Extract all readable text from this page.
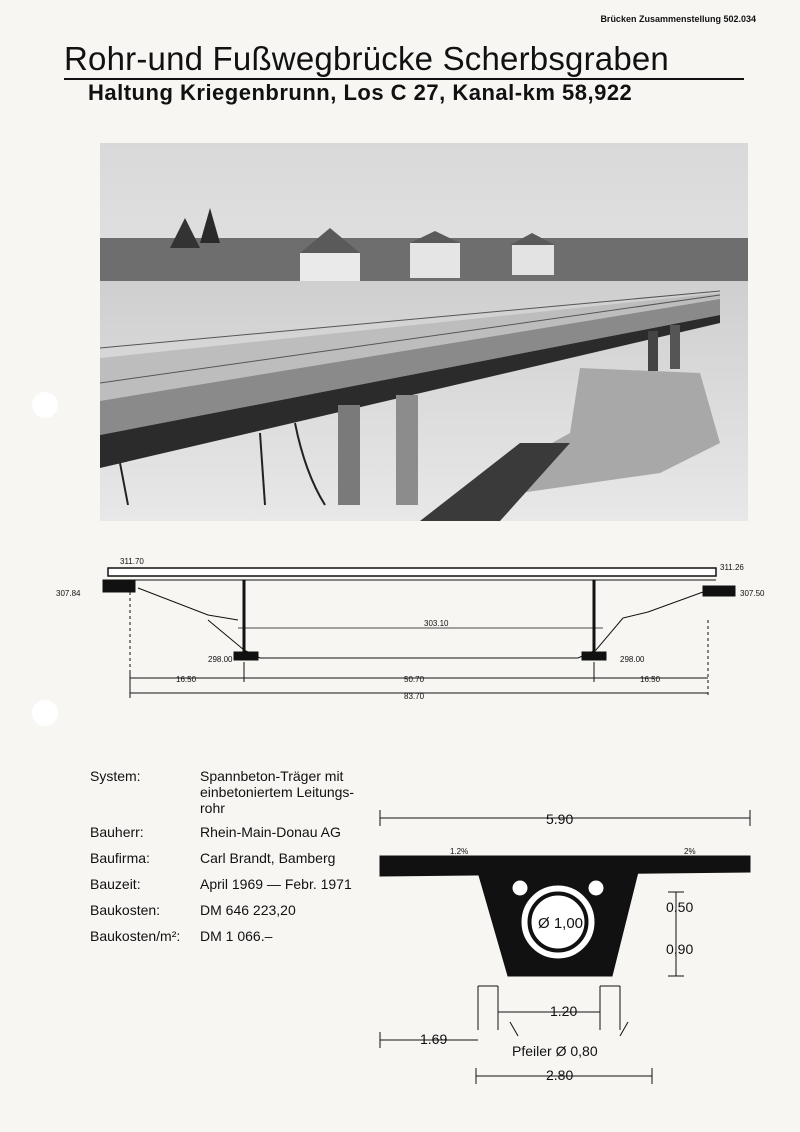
Brücken Zusammenstellung 502.034
Rohr-und Fußwegbrücke Scherbsgraben
Haltung Kriegenbrunn, Los C 27, Kanal-km 58,922
311.70
311.26
307.84	307.50
303.10
298.00	298.00
16.50	50.70	16.50
83.70
System:	Spannbeton-Träger mit einbetoniertem Leitungs-rohr
Bauherr:	Rhein-Main-Donau AG
Baufirma:	Carl Brandt, Bamberg
Bauzeit:	April 1969 — Febr. 1971
Baukosten:	DM 646 223,20
Baukosten/m²: DM 1 066.–
5.90
1.2%	2%
Ø 1,00
0.50
0,90
1.20
1.69
Pfeiler Ø 0,80
2.80
